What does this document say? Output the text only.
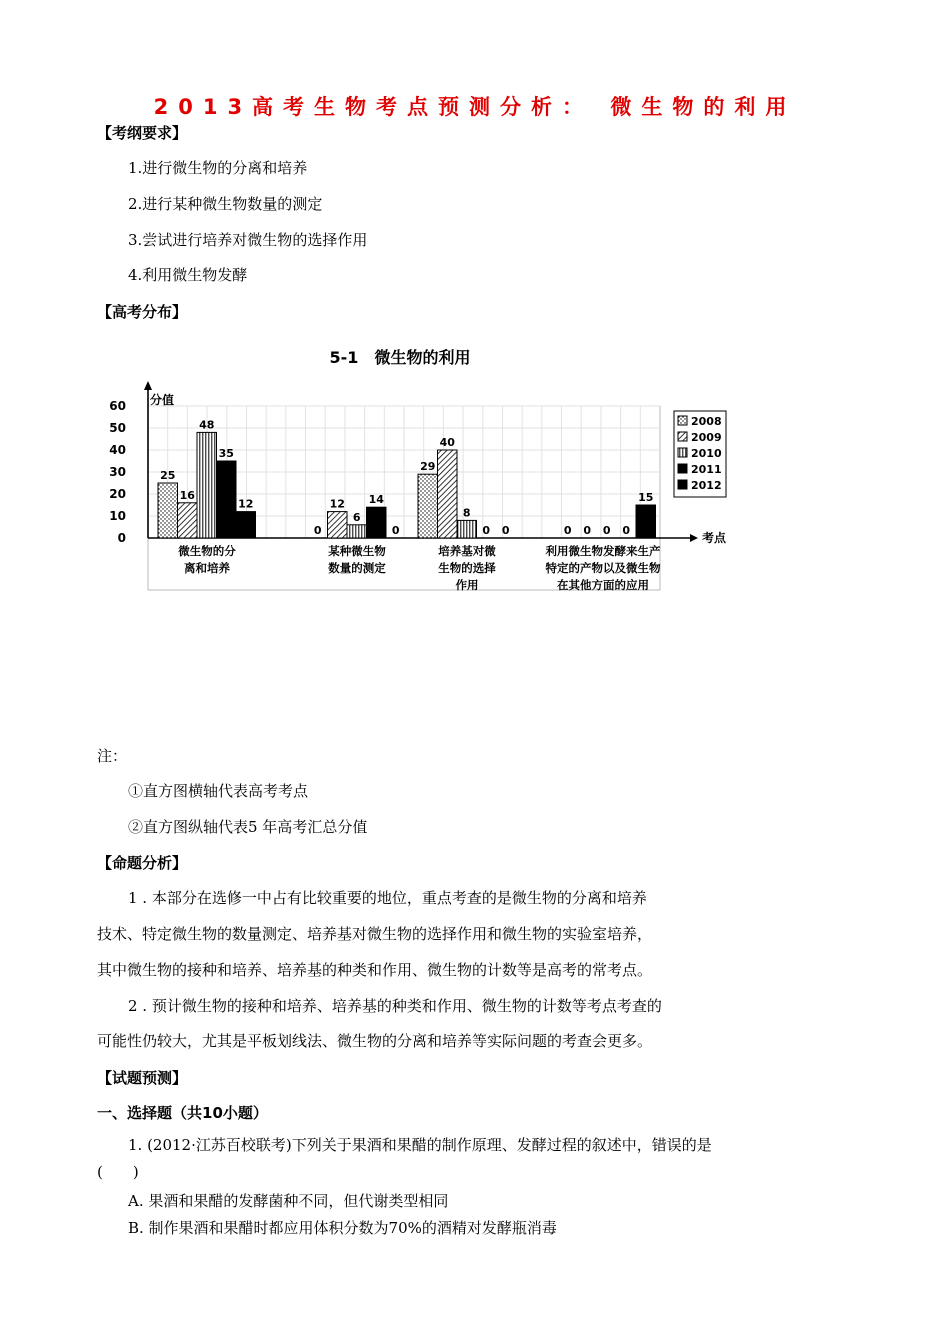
2013高考生物考点预测分析： 微生物的利用
【考纲要求】
1.进行微生物的分离和培养
2.进行某种微生物数量的测定
3.尝试进行培养对微生物的选择作用
4.利用微生物发酵
【高考分布】
5-1　微生物的利用
0
10
20
30
40
50
60 分值
考点
25
0
29
0
16
12
40
0
48
6	8
0
35
14
0	0
12
0	0
15
微生物的分
离和培养
某种微生物
数量的测定
培养基对微
生物的选择
作用
利用微生物发酵来生产
特定的产物以及微生物
在其他方面的应用
2008
2009
2010
2011
2012
注：
①直方图横轴代表高考考点
②直方图纵轴代表5 年高考汇总分值
【命题分析】
1 . 本部分在选修一中占有比较重要的地位，重点考查的是微生物的分离和培养
技术、特定微生物的数量测定、培养基对微生物的选择作用和微生物的实验室培养，
其中微生物的接种和培养、培养基的种类和作用、微生物的计数等是高考的常考点。
2 . 预计微生物的接种和培养、培养基的种类和作用、微生物的计数等考点考查的
可能性仍较大，尤其是平板划线法、微生物的分离和培养等实际问题的考查会更多。
【试题预测】
一、选择题（共10小题）
1. (2012·江苏百校联考)下列关于果酒和果醋的制作原理、发酵过程的叙述中，错误的是
(　　)
A. 果酒和果醋的发酵菌种不同，但代谢类型相同
B. 制作果酒和果醋时都应用体积分数为70%的酒精对发酵瓶消毒
